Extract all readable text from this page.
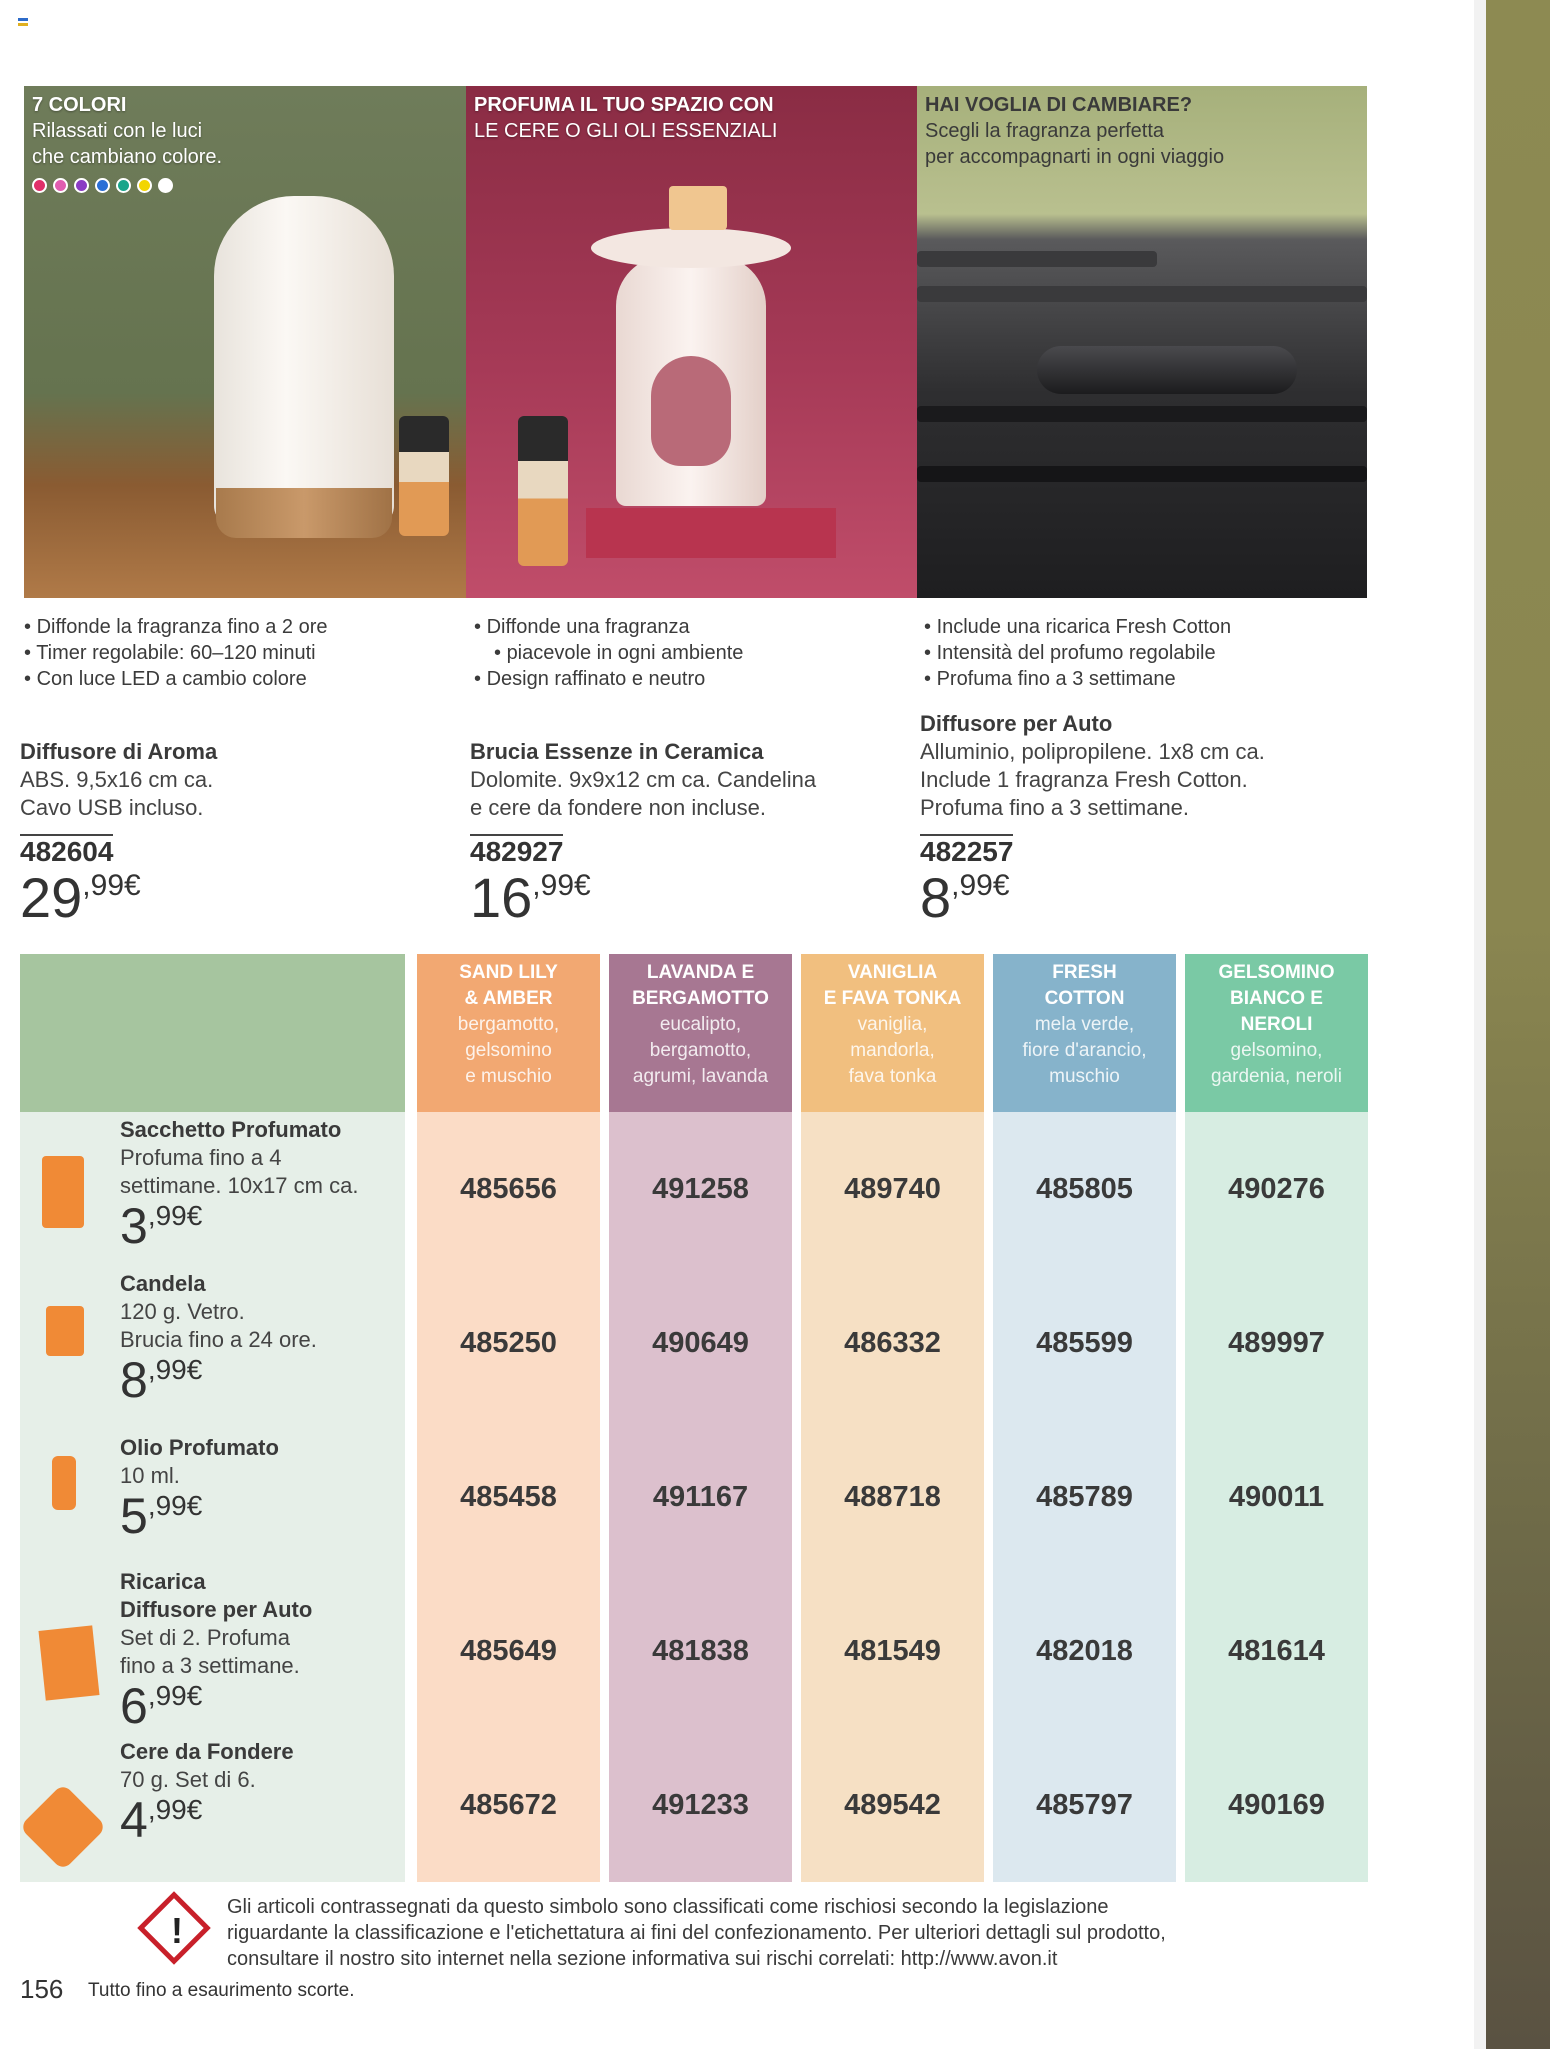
7 COLORI
Rilassati con le luci
che cambiano colore.
PROFUMA IL TUO SPAZIO CON
LE CERE O GLI OLI ESSENZIALI
HAI VOGLIA DI CAMBIARE?
Scegli la fragranza perfetta
per accompagnarti in ogni viaggio
• Diffonde la fragranza fino a 2 ore
• Timer regolabile: 60–120 minuti
• Con luce LED a cambio colore
• Diffonde una fragranza
• piacevole in ogni ambiente
• Design raffinato e neutro
• Include una ricarica Fresh Cotton
• Intensità del profumo regolabile
• Profuma fino a 3 settimane
Diffusore di Aroma
ABS. 9,5x16 cm ca.
Cavo USB incluso.
482604
$29^{,99€}$
Brucia Essenze in Ceramica
Dolomite. 9x9x12 cm ca. Candelina
e cere da fondere non incluse.
482927
$16^{,99€}$
Diffusore per Auto
Alluminio, polipropilene. 1x8 cm ca.
Include 1 fragranza Fresh Cotton.
Profuma fino a 3 settimane.
482257
$8^{,99€}$
Sacchetto Profumato
Profuma fino a 4
settimane. 10x17 cm ca.
$3^{,99€}$
Candela
120 g. Vetro.
Brucia fino a 24 ore.
$8^{,99€}$
Olio Profumato
10 ml.
$5^{,99€}$
Ricarica
Diffusore per Auto
Set di 2. Profuma
fino a 3 settimane.
$6^{,99€}$
Cere da Fondere
70 g. Set di 6.
$4^{,99€}$
SAND LILY
& AMBER
bergamotto,
gelsomino
e muschio
485656
485250
485458
485649
485672
LAVANDA E
BERGAMOTTO
eucalipto,
bergamotto,
agrumi, lavanda
491258
490649
491167
481838
491233
VANIGLIA
E FAVA TONKA
vaniglia,
mandorla,
fava tonka
489740
486332
488718
481549
489542
FRESH
COTTON
mela verde,
fiore d'arancio,
muschio
485805
485599
485789
482018
485797
GELSOMINO
BIANCO E
NEROLI
gelsomino,
gardenia, neroli
490276
489997
490011
481614
490169
!
Gli articoli contrassegnati da questo simbolo sono classificati come rischiosi secondo la legislazione
riguardante la classificazione e l'etichettatura ai fini del confezionamento. Per ulteriori dettagli sul prodotto,
consultare il nostro sito internet nella sezione informativa sui rischi correlati: http://www.avon.it
156 Tutto fino a esaurimento scorte.
